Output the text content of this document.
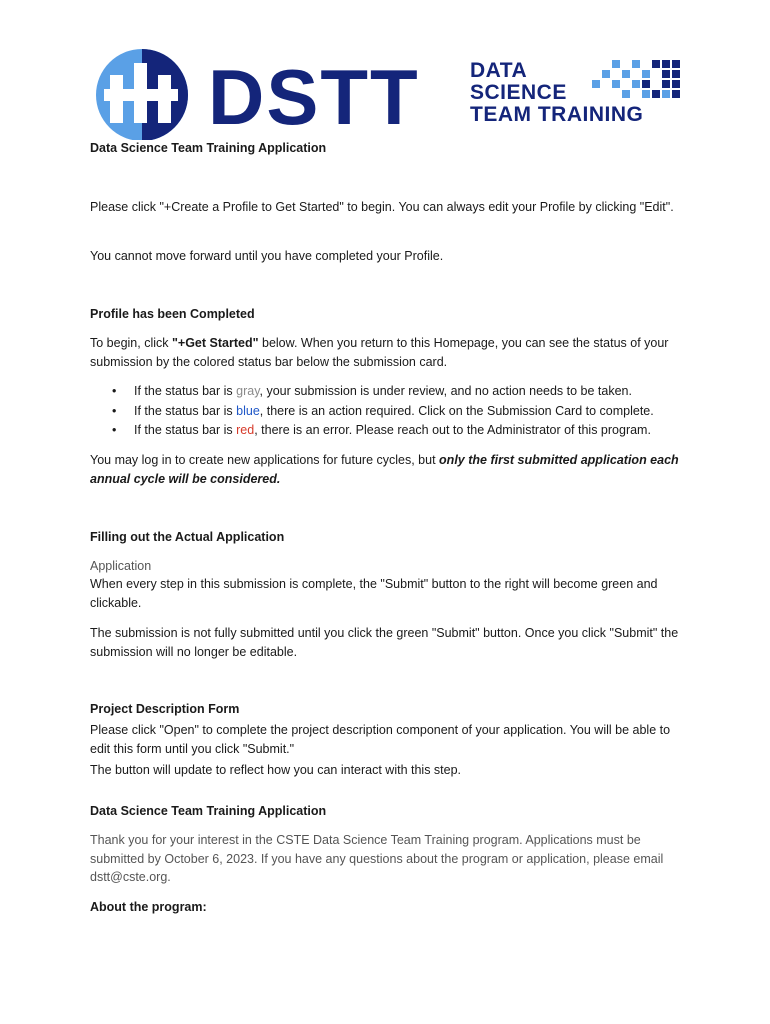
DSTT DATA
SCIENCE
TEAM TRAINING
Data Science Team Training Application
Please click "+Create a Profile to Get Started" to begin. You can always edit your Profile by clicking "Edit".
You cannot move forward until you have completed your Profile.
Profile has been Completed
To begin, click "+Get Started" below. When you return to this Homepage, you can see the status of your submission by the colored status bar below the submission card.
• If the status bar is gray, your submission is under review, and no action needs to be taken.
• If the status bar is blue, there is an action required. Click on the Submission Card to complete.
• If the status bar is red, there is an error. Please reach out to the Administrator of this program.
You may log in to create new applications for future cycles, but only the first submitted application each annual cycle will be considered.
Filling out the Actual Application
Application
When every step in this submission is complete, the "Submit" button to the right will become green and clickable.
The submission is not fully submitted until you click the green "Submit" button. Once you click "Submit" the submission will no longer be editable.
Project Description Form
Please click "Open" to complete the project description component of your application. You will be able to edit this form until you click "Submit."
The button will update to reflect how you can interact with this step.
Data Science Team Training Application
Thank you for your interest in the CSTE Data Science Team Training program. Applications must be submitted by October 6, 2023. If you have any questions about the program or application, please email dstt@cste.org.
About the program:
